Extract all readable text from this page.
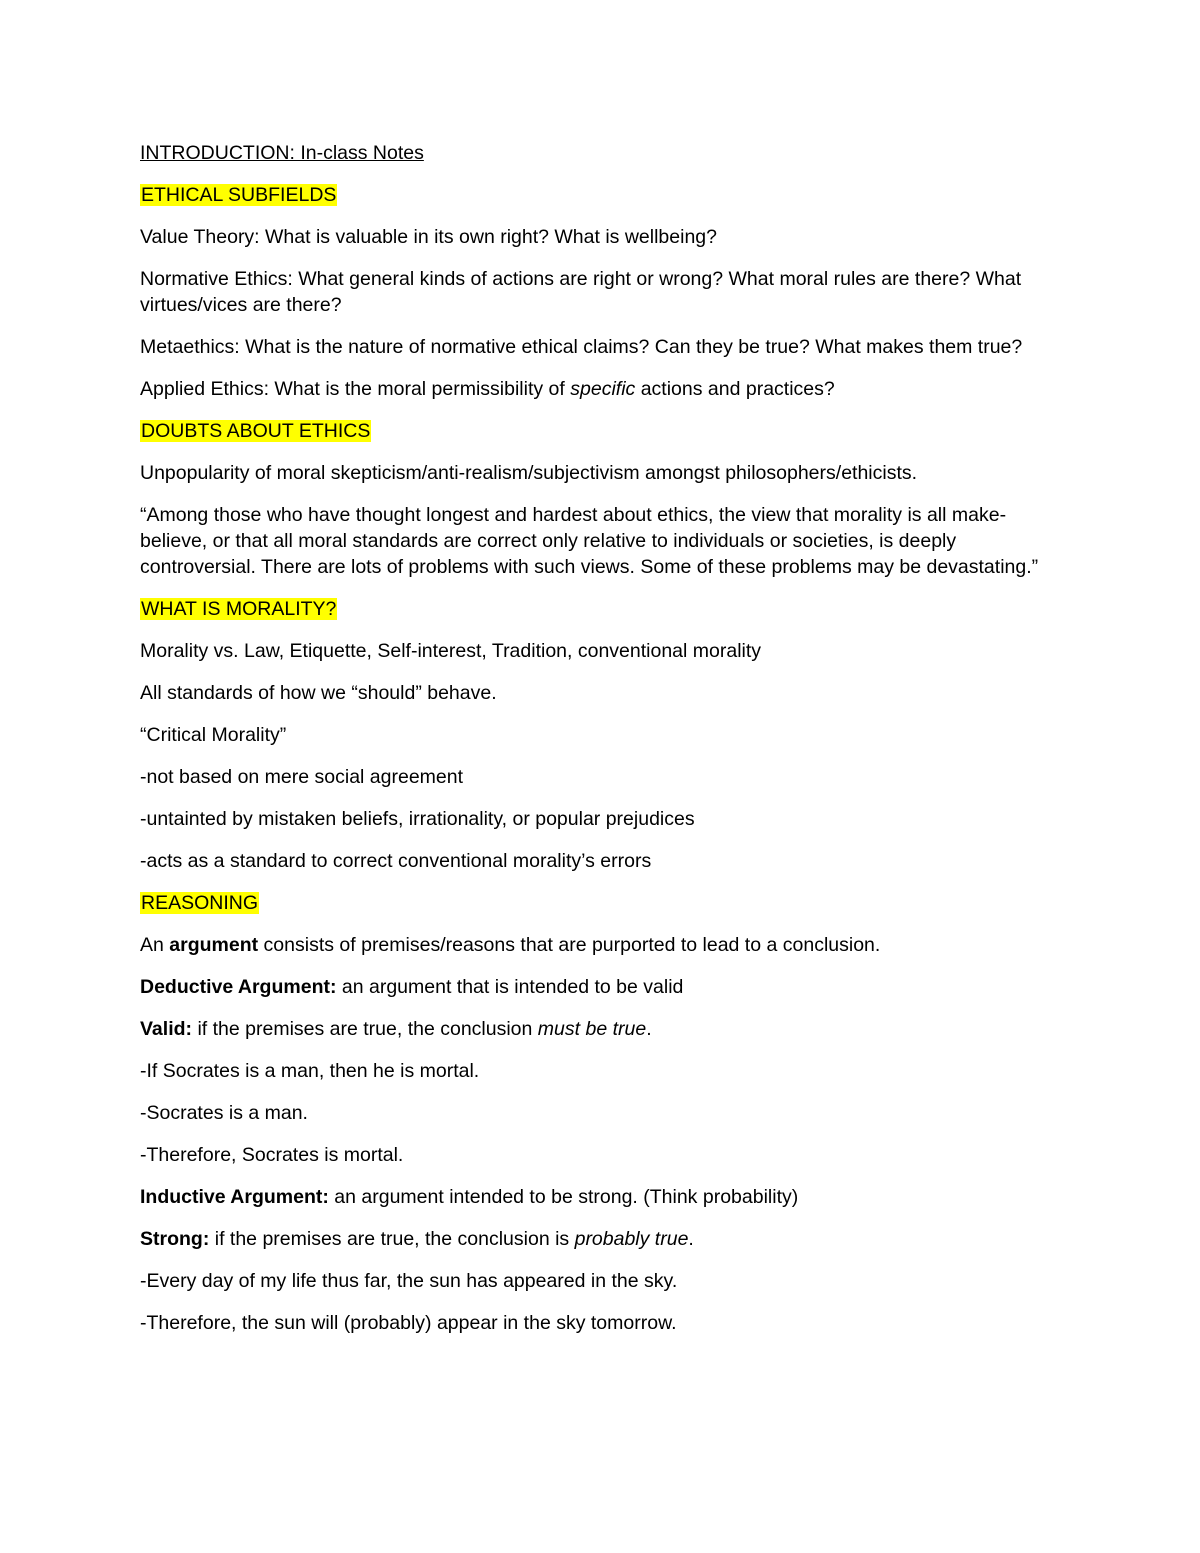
INTRODUCTION: In-class Notes

ETHICAL SUBFIELDS

Value Theory: What is valuable in its own right? What is wellbeing?

Normative Ethics: What general kinds of actions are right or wrong? What moral rules are there? What virtues/vices are there?

Metaethics: What is the nature of normative ethical claims? Can they be true? What makes them true?

Applied Ethics: What is the moral permissibility of specific actions and practices?

DOUBTS ABOUT ETHICS

Unpopularity of moral skepticism/anti-realism/subjectivism amongst philosophers/ethicists.

“Among those who have thought longest and hardest about ethics, the view that morality is all make-believe, or that all moral standards are correct only relative to individuals or societies, is deeply controversial. There are lots of problems with such views. Some of these problems may be devastating.”

WHAT IS MORALITY?

Morality vs. Law, Etiquette, Self-interest, Tradition, conventional morality

All standards of how we “should” behave.

“Critical Morality”

-not based on mere social agreement

-untainted by mistaken beliefs, irrationality, or popular prejudices

-acts as a standard to correct conventional morality’s errors

REASONING

An argument consists of premises/reasons that are purported to lead to a conclusion.

Deductive Argument: an argument that is intended to be valid

Valid: if the premises are true, the conclusion must be true.

-If Socrates is a man, then he is mortal.

-Socrates is a man.

-Therefore, Socrates is mortal.

Inductive Argument: an argument intended to be strong. (Think probability)

Strong: if the premises are true, the conclusion is probably true.

-Every day of my life thus far, the sun has appeared in the sky.

-Therefore, the sun will (probably) appear in the sky tomorrow.
